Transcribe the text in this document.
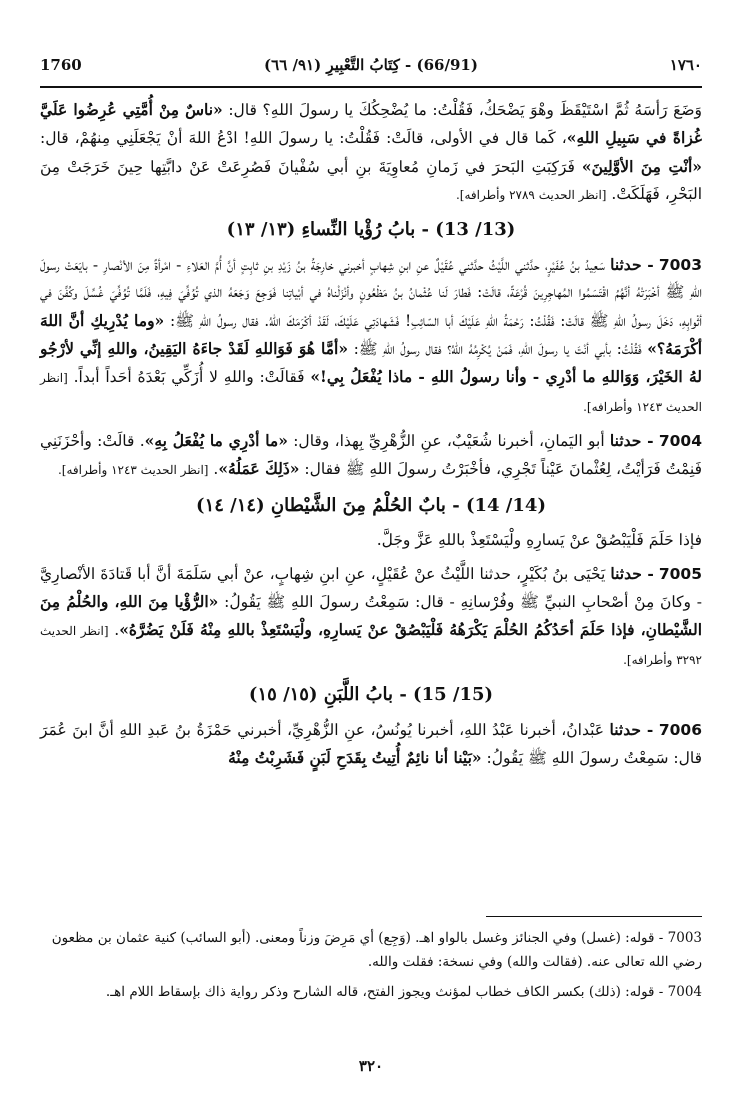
1760	(66/91) - كِتَابُ التَّعْبِيرِ (٩١/ ٦٦)	١٧٦٠

وَضَعَ رَأسَهُ ثُمَّ اسْتَيْقَظَ وهْوَ يَضْحَكُ، فَقُلْتُ: ما يُضْحِكُكَ يا رسولَ اللهِ؟ قال: «ناسٌ مِنْ أُمَّتِي عُرِضُوا عَلَيَّ غُزاةً في سَبِيلِ اللهِ»، كَما قال في الأولى، قالَتْ: فَقُلْتُ: يا رسولَ اللهِ! ادْعُ اللهَ أنْ يَجْعَلَنِي مِنهُمْ، قال: «أنْتِ مِنَ الأوَّلِينَ» فَرَكِبَتِ البَحرَ في زَمانِ مُعاوِيَةَ بنِ أبي سُفْيانَ فَصُرِعَتْ عَنْ دابَّتِها حِينَ خَرَجَتْ مِنَ البَحْرِ، فَهَلَكَتْ. [انظر الحديث ٢٧٨٩ وأطرافه].

(13/ 13) - بابُ رُؤْيا النِّساءِ (١٣/ ١٣)

7003 - حدثنا سَعِيدُ بنُ عُفَيْرٍ، حدَّثني اللَّيْثُ حدَّثني عُقَيْلٌ عنِ ابنِ شِهابٍ أخبرني خارِجَةُ بنُ زَيْدِ بنِ ثابِتٍ أنَّ أُمَّ العَلاءِ - امْرأةً مِنَ الأنْصارِ - بايَعَتْ رسولَ اللهِ ﷺ أخْبَرَتْهُ أنَّهُمُ اقْتَسَمُوا المُهاجِرِينَ قُرْعَةً، قالَتْ: فَطارَ لَنا عُثْمانُ بنُ مَظْعُونٍ وأنْزَلْناهُ في أبْياتِنا فَوَجِعَ وَجَعَهُ الذي تُوُفِّيَ فِيهِ، فَلَمَّا تُوُفِّيَ غُسِّلَ وكُفِّنَ في أثْوابِهِ، دَخَلَ رسولُ اللهِ ﷺ قالَتْ: فَقُلْتُ: رَحْمَةُ اللهِ عَلَيْكَ أبا السّائِبِ! فَشَهادَتِي عَلَيْكَ، لَقَدْ أكْرَمَكَ اللهُ. فقال رسولُ اللهِ ﷺ: «وما يُدْرِيكِ أنَّ اللهَ أكْرَمَهُ؟» فَقُلْتُ: بأبي أنْتَ يا رسولَ اللهِ، فَمَنْ يُكْرِمُهُ اللهُ؟ فقال رسولُ اللهِ ﷺ: «أمَّا هُوَ فَوَاللهِ لَقَدْ جاءَهُ اليَقِينُ، واللهِ إنِّي لأرْجُو لهُ الخَيْرَ، وَوَاللهِ ما أدْرِي - وأنا رسولُ اللهِ - ماذا يُفْعَلُ بِي!» فَقالَتْ: واللهِ لا أُزَكِّي بَعْدَهُ أحَداً أبداً. [انظر الحديث ١٢٤٣ وأطرافه].

7004 - حدثنا أبو اليَمانِ، أخبرنا شُعَيْبٌ، عنِ الزُّهْرِيِّ بِهذا، وقال: «ما أدْرِي ما يُفْعَلُ بِهِ». قالَتْ: وأحْزَنَنِي فَنِمْتُ فَرَأيْتُ، لِعُثْمانَ عَيْناً تَجْرِي، فأخْبَرْتُ رسولَ اللهِ ﷺ فقال: «ذَلِكَ عَمَلُهُ». [انظر الحديث ١٢٤٣ وأطرافه].

(14/ 14) - بابٌ الحُلْمُ مِنَ الشَّيْطانِ (١٤/ ١٤)

فإذا حَلَمَ فَلْيَبْصُقْ عنْ يَسارِهِ ولْيَسْتَعِذْ باللهِ عَزَّ وجَلَّ.

7005 - حدثنا يَحْيَى بنُ بُكَيْرٍ، حدثنا اللَّيْثُ عنْ عُقَيْلٍ، عنِ ابنِ شِهابٍ، عنْ أبي سَلَمَةَ أنَّ أبا قَتادَةَ الأنْصارِيَّ - وكانَ مِنْ أصْحابِ النبيِّ ﷺ وفُرْسانِهِ - قال: سَمِعْتُ رسولَ اللهِ ﷺ يَقُولُ: «الرُّؤْيا مِنَ اللهِ، والحُلْمُ مِنَ الشَّيْطانِ، فإذا حَلَمَ أحَدُكُمُ الحُلْمَ يَكْرَهُهُ فَلْيَبْصُقْ عنْ يَسارِهِ، ولْيَسْتَعِذْ باللهِ مِنْهُ فَلَنْ يَضُرَّهُ». [انظر الحديث ٣٢٩٢ وأطرافه].

(15/ 15) - بابُ اللَّبَنِ (١٥/ ١٥)

7006 - حدثنا عَبْدانُ، أخبرنا عَبْدُ اللهِ، أخبرنا يُونُسُ، عنِ الزُّهْرِيِّ، أخبرني حَمْزَةُ بنُ عَبدِ اللهِ أنَّ ابنَ عُمَرَ قال: سَمِعْتُ رسولَ اللهِ ﷺ يَقُولُ: «بَيْنا أنا نائِمٌ أُتِيتُ بِقَدَحِ لَبَنٍ فَشَرِبْتُ مِنْهُ

7003 - قوله: (غسل) وفي الجنائز وغسل بالواو اهـ. (وَجِع) أي مَرِضَ وزناً ومعنى. (أبو السائب) كنية عثمان بن مظعون رضي الله تعالى عنه. (فقالت والله) وفي نسخة: فقلت والله.

7004 - قوله: (ذلك) بكسر الكاف خطاب لمؤنث ويجوز الفتح، قاله الشارح وذكر رواية ذاك بإسقاط اللام اهـ.

٣٢٠
